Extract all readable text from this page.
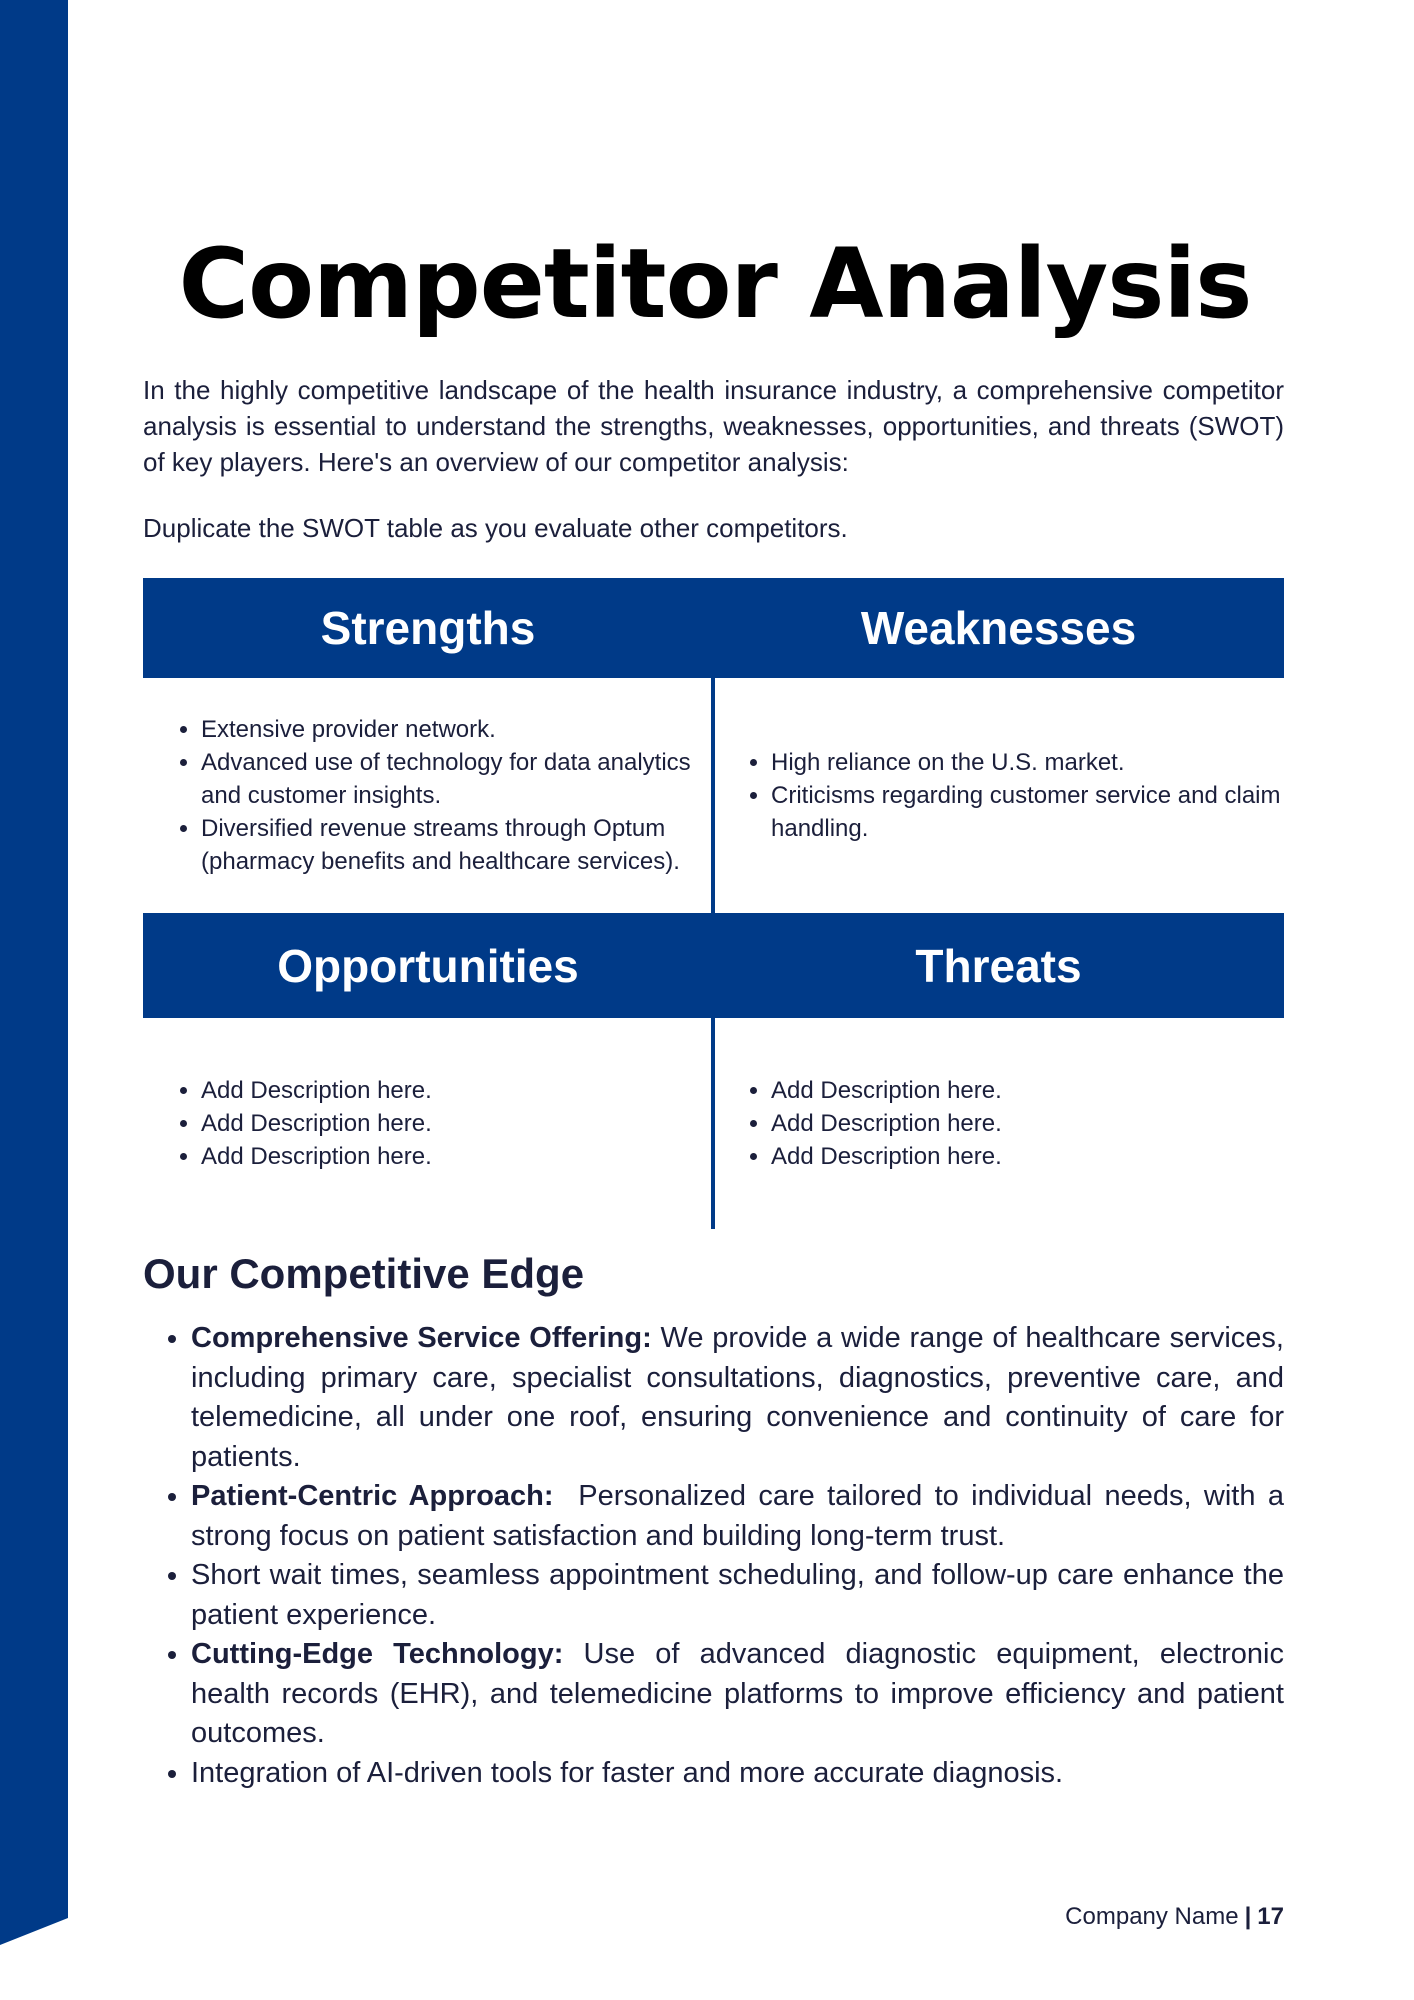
Competitor Analysis

In the highly competitive landscape of the health insurance industry, a comprehensive competitor analysis is essential to understand the strengths, weaknesses, opportunities, and threats (SWOT) of key players. Here's an overview of our competitor analysis:

Duplicate the SWOT table as you evaluate other competitors.

Strengths	Weaknesses
• Extensive provider network.
• Advanced use of technology for data analytics and customer insights.
• Diversified revenue streams through Optum (pharmacy benefits and healthcare services).
• High reliance on the U.S. market.
• Criticisms regarding customer service and claim handling.
Opportunities	Threats
• Add Description here.
• Add Description here.
• Add Description here.
• Add Description here.
• Add Description here.
• Add Description here.
Our Competitive Edge
• Comprehensive Service Offering: We provide a wide range of healthcare services, including primary care, specialist consultations, diagnostics, preventive care, and telemedicine, all under one roof, ensuring convenience and continuity of care for patients.
• Patient-Centric Approach:  Personalized care tailored to individual needs, with a strong focus on patient satisfaction and building long-term trust.
• Short wait times, seamless appointment scheduling, and follow-up care enhance the patient experience.
• Cutting-Edge Technology: Use of advanced diagnostic equipment, electronic health records (EHR), and telemedicine platforms to improve efficiency and patient outcomes.
• Integration of AI-driven tools for faster and more accurate diagnosis.
Company Name | 17
